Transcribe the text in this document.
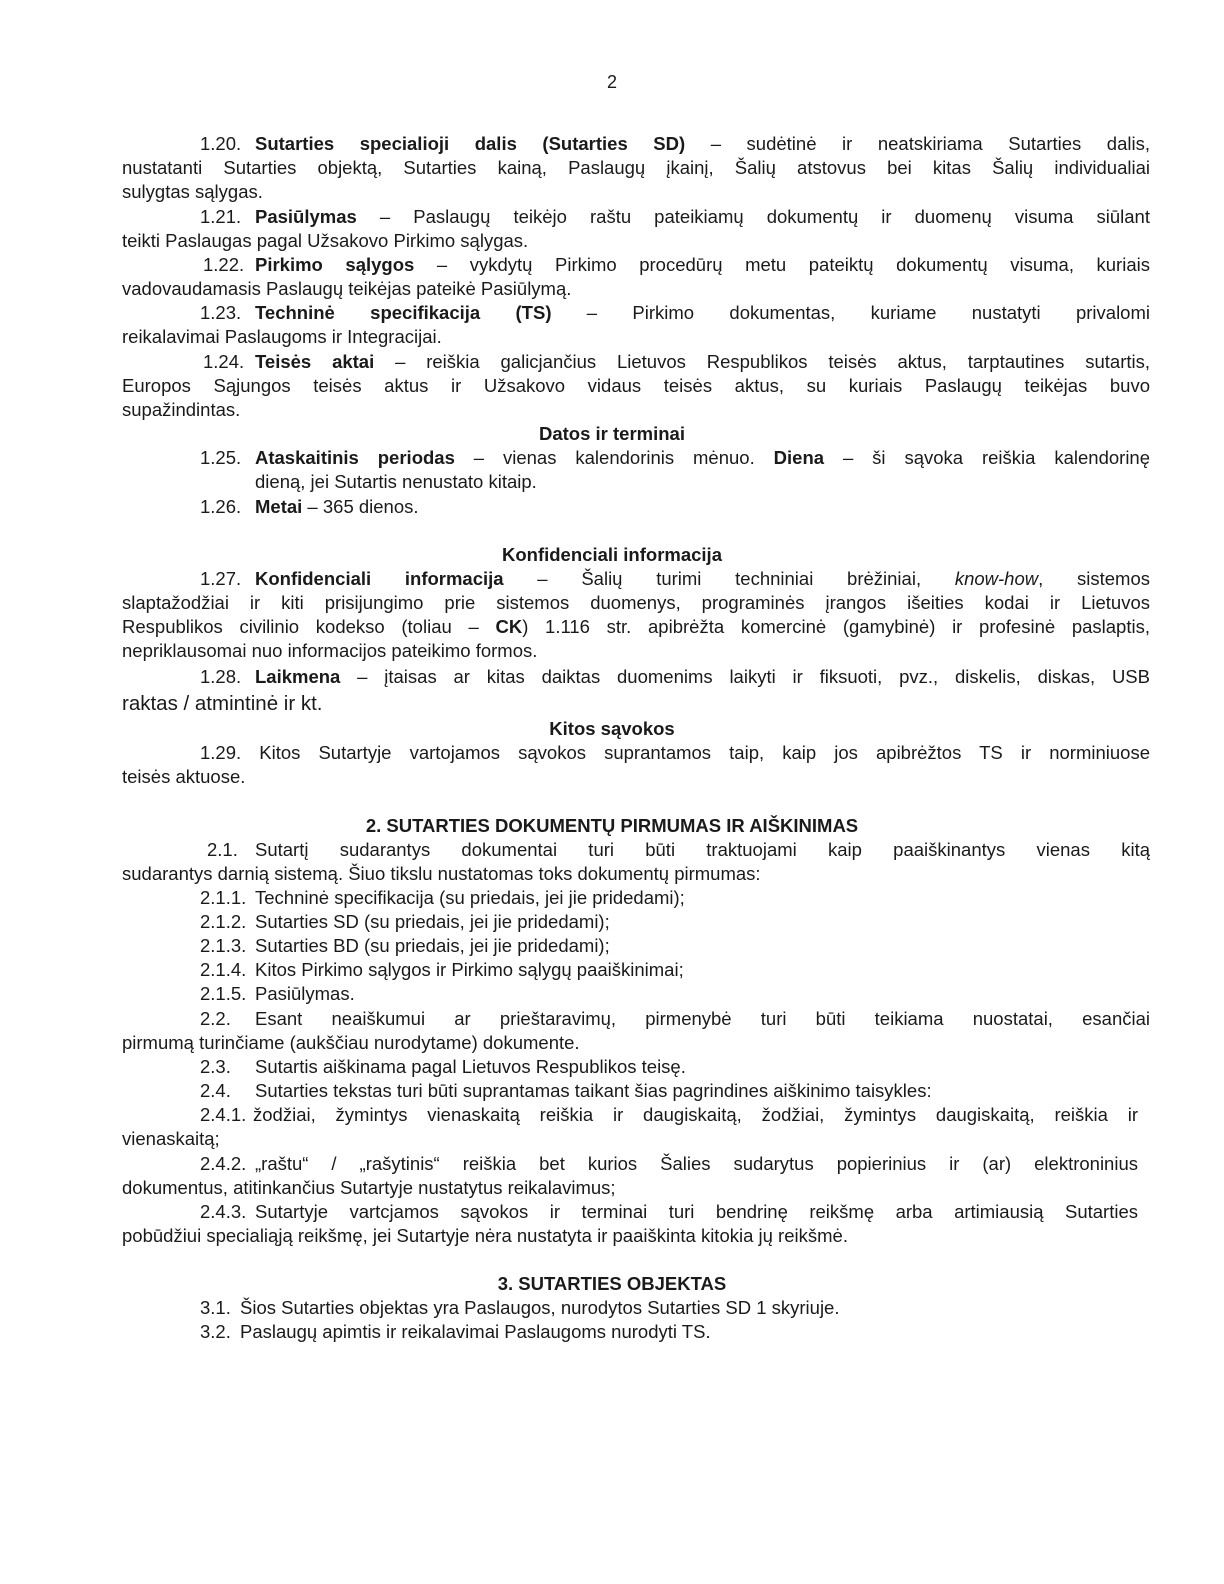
2
1.20. Sutarties specialioji dalis (Sutarties SD) – sudėtinė ir neatskiriama Sutarties dalis,
nustatanti Sutarties objektą, Sutarties kainą, Paslaugų įkainį, Šalių atstovus bei kitas Šalių individualiai
sulygtas sąlygas.
1.21. Pasiūlymas – Paslaugų teikėjo raštu pateikiamų dokumentų ir duomenų visuma siūlant
teikti Paslaugas pagal Užsakovo Pirkimo sąlygas.
1.22. Pirkimo sąlygos – vykdytų Pirkimo procedūrų metu pateiktų dokumentų visuma, kuriais
vadovaudamasis Paslaugų teikėjas pateikė Pasiūlymą.
1.23. Techninė specifikacija (TS) – Pirkimo dokumentas, kuriame nustatyti privalomi
reikalavimai Paslaugoms ir Integracijai.
1.24. Teisės aktai – reiškia galicjančius Lietuvos Respublikos teisės aktus, tarptautines sutartis,
Europos Sąjungos teisės aktus ir Užsakovo vidaus teisės aktus, su kuriais Paslaugų teikėjas buvo
supažindintas.
Datos ir terminai
1.25. Ataskaitinis periodas – vienas kalendorinis mėnuo. Diena – ši sąvoka reiškia kalendorinę
dieną, jei Sutartis nenustato kitaip.
1.26. Metai – 365 dienos.
Konfidenciali informacija
1.27. Konfidenciali informacija – Šalių turimi techniniai brėžiniai, know-how, sistemos
slaptažodžiai ir kiti prisijungimo prie sistemos duomenys, programinės įrangos išeities kodai ir Lietuvos
Respublikos civilinio kodekso (toliau – CK) 1.116 str. apibrėžta komercinė (gamybinė) ir profesinė paslaptis,
nepriklausomai nuo informacijos pateikimo formos.
1.28. Laikmena – įtaisas ar kitas daiktas duomenims laikyti ir fiksuoti, pvz., diskelis, diskas, USB
raktas / atmintinė ir kt.
Kitos sąvokos
1.29. Kitos Sutartyje vartojamos sąvokos suprantamos taip, kaip jos apibrėžtos TS ir norminiuose
teisės aktuose.
2. SUTARTIES DOKUMENTŲ PIRMUMAS IR AIŠKINIMAS
2.1. Sutartį sudarantys dokumentai turi būti traktuojami kaip paaiškinantys vienas kitą
sudarantys darnią sistemą. Šiuo tikslu nustatomas toks dokumentų pirmumas:
2.1.1. Techninė specifikacija (su priedais, jei jie pridedami);
2.1.2. Sutarties SD (su priedais, jei jie pridedami);
2.1.3. Sutarties BD (su priedais, jei jie pridedami);
2.1.4. Kitos Pirkimo sąlygos ir Pirkimo sąlygų paaiškinimai;
2.1.5. Pasiūlymas.
2.2. Esant neaiškumui ar prieštaravimų, pirmenybė turi būti teikiama nuostatai, esančiai
pirmumą turinčiame (aukščiau nurodytame) dokumente.
2.3. Sutartis aiškinama pagal Lietuvos Respublikos teisę.
2.4. Sutarties tekstas turi būti suprantamas taikant šias pagrindines aiškinimo taisykles:
2.4.1. žodžiai, žymintys vienaskaitą reiškia ir daugiskaitą, žodžiai, žymintys daugiskaitą, reiškia ir
vienaskaitą;
2.4.2. „raštu“ / „rašytinis“ reiškia bet kurios Šalies sudarytus popierinius ir (ar) elektroninius
dokumentus, atitinkančius Sutartyje nustatytus reikalavimus;
2.4.3. Sutartyje vartcjamos sąvokos ir terminai turi bendrinę reikšmę arba artimiausią Sutarties
pobūdžiui specialiąją reikšmę, jei Sutartyje nėra nustatyta ir paaiškinta kitokia jų reikšmė.
3. SUTARTIES OBJEKTAS
3.1. Šios Sutarties objektas yra Paslaugos, nurodytos Sutarties SD 1 skyriuje.
3.2. Paslaugų apimtis ir reikalavimai Paslaugoms nurodyti TS.
